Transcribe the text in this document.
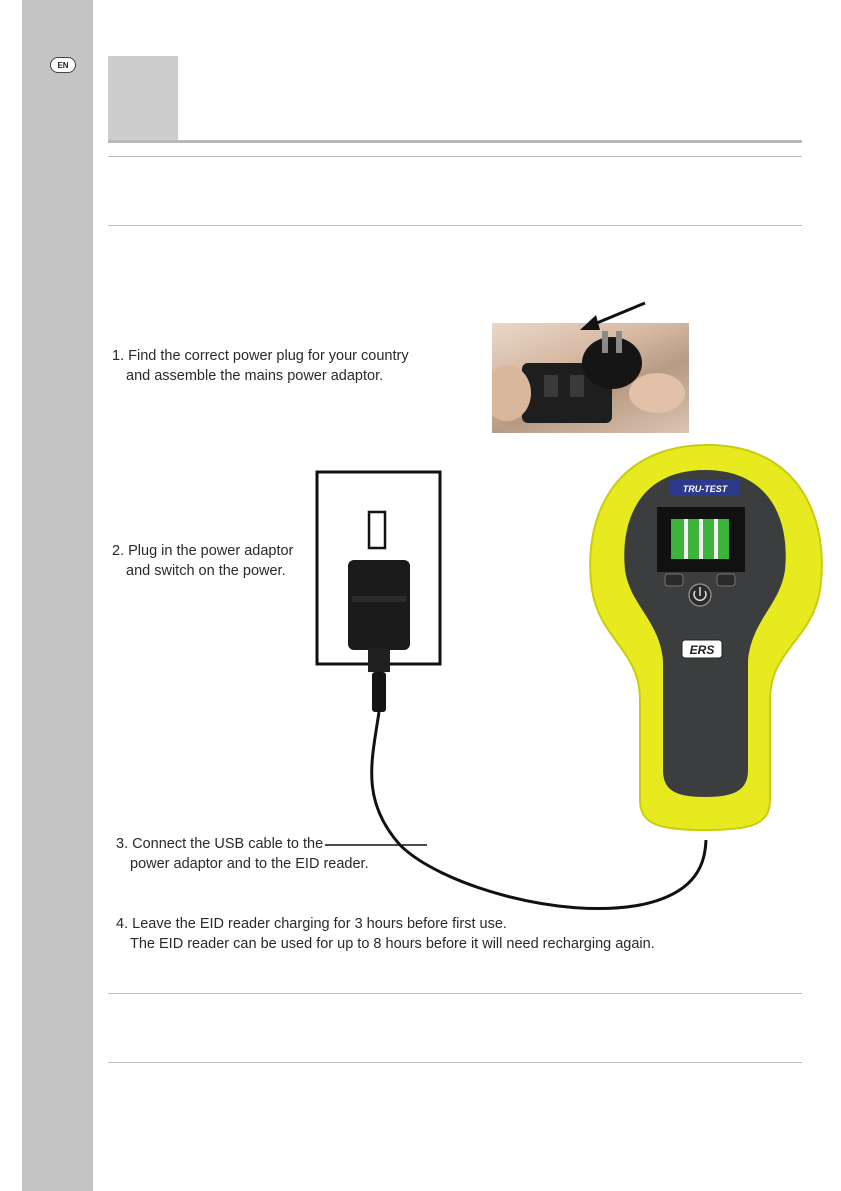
EN
1. Find the correct power plug for your country
and assemble the mains power adaptor.
2. Plug in the power adaptor
and switch on the power.
3. Connect the USB cable to the
power adaptor and to the EID reader.
4. Leave the EID reader charging for 3 hours before first use.
The EID reader can be used for up to 8 hours before it will need recharging again.
TRU-TEST
ERS
